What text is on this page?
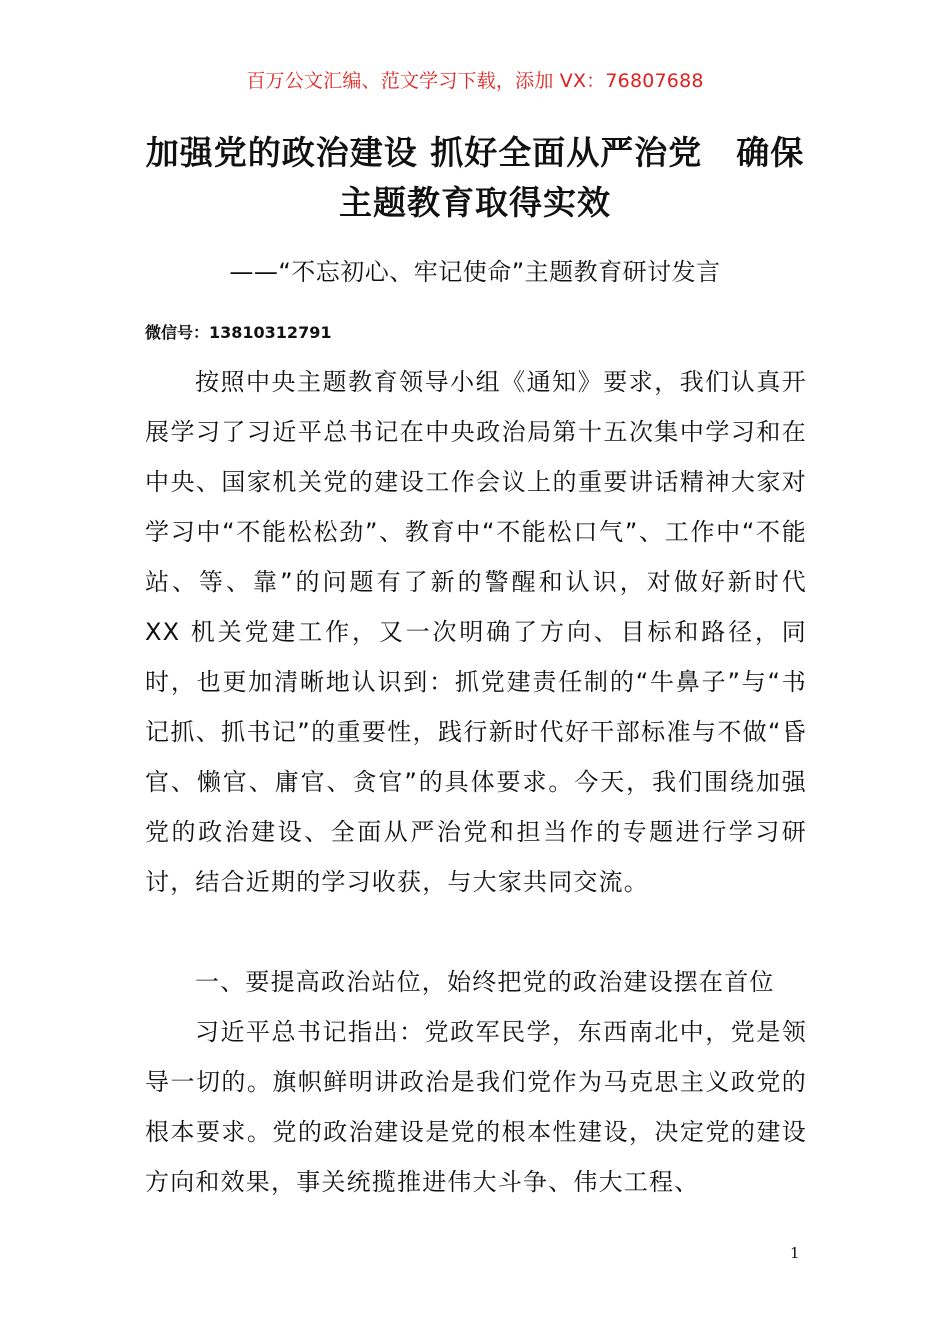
百万公文汇编、范文学习下载，添加 VX：76807688
加强党的政治建设 抓好全面从严治党　确保主题教育取得实效
——“不忘初心、牢记使命”主题教育研讨发言
微信号：13810312791

按照中央主题教育领导小组《通知》要求，我们认真开展学习了习近平总书记在中央政治局第十五次集中学习和在中央、国家机关党的建设工作会议上的重要讲话精神大家对学习中“不能松松劲”、教育中“不能松口气”、工作中“不能站、等、靠”的问题有了新的警醒和认识，对做好新时代 XX 机关党建工作，又一次明确了方向、目标和路径，同时，也更加清晰地认识到：抓党建责任制的“牛鼻子”与“书记抓、抓书记”的重要性，践行新时代好干部标准与不做“昏官、懒官、庸官、贪官”的具体要求。今天，我们围绕加强党的政治建设、全面从严治党和担当作的专题进行学习研讨，结合近期的学习收获，与大家共同交流。

一、要提高政治站位，始终把党的政治建设摆在首位

习近平总书记指出：党政军民学，东西南北中，党是领导一切的。旗帜鲜明讲政治是我们党作为马克思主义政党的根本要求。党的政治建设是党的根本性建设，决定党的建设方向和效果，事关统揽推进伟大斗争、伟大工程、

1
